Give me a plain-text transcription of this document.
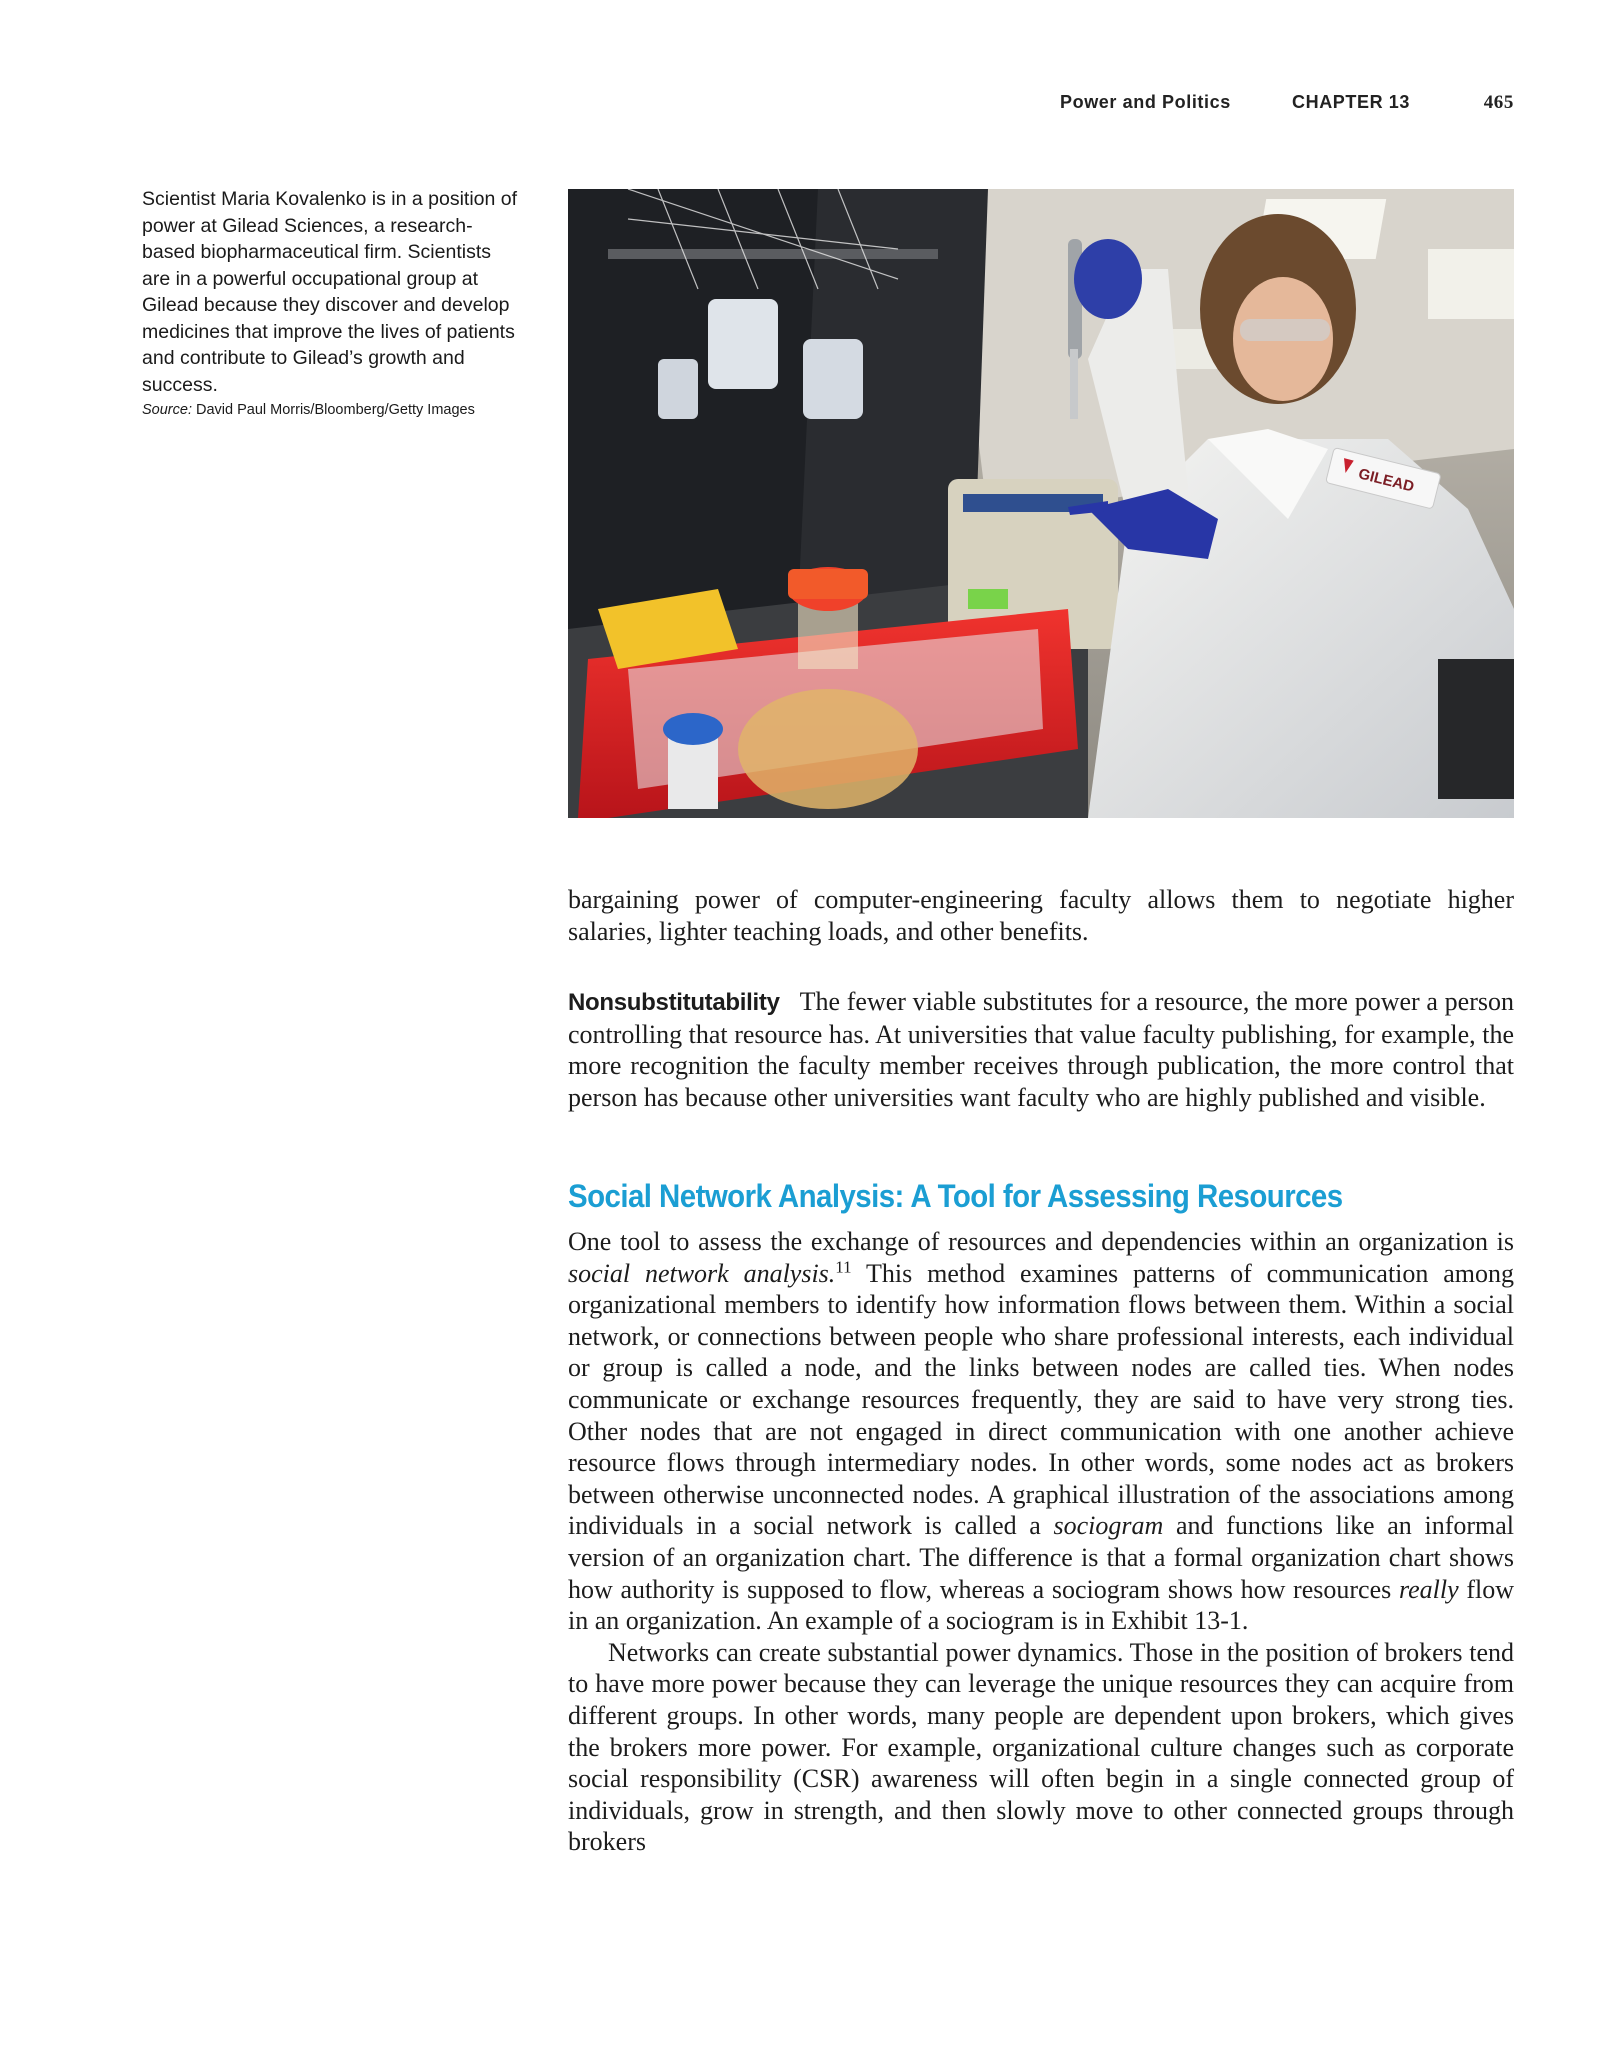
Power and Politics	CHAPTER 13	465

Scientist Maria Kovalenko is in a position of power at Gilead Sciences, a research-based biopharmaceutical firm. Scientists are in a powerful occupational group at Gilead because they discover and develop medicines that improve the lives of patients and contribute to Gilead’s growth and success.

Source: David Paul Morris/Bloomberg/Getty Images
GILEAD

bargaining power of computer-engineering faculty allows them to negotiate higher salaries, lighter teaching loads, and other benefits.

Nonsubstitutability The fewer viable substitutes for a resource, the more power a person controlling that resource has. At universities that value faculty publishing, for example, the more recognition the faculty member receives through publication, the more control that person has because other universities want faculty who are highly published and visible.

Social Network Analysis: A Tool for Assessing Resources

One tool to assess the exchange of resources and dependencies within an organization is social network analysis.$^{11}$ This method examines patterns of communication among organizational members to identify how information flows between them. Within a social network, or connections between people who share professional interests, each individual or group is called a node, and the links between nodes are called ties. When nodes communicate or exchange resources frequently, they are said to have very strong ties. Other nodes that are not engaged in direct communication with one another achieve resource flows through intermediary nodes. In other words, some nodes act as brokers between otherwise unconnected nodes. A graphical illustration of the associations among individuals in a social network is called a sociogram and functions like an informal version of an organization chart. The difference is that a formal organization chart shows how authority is supposed to flow, whereas a sociogram shows how resources really flow in an organization. An example of a sociogram is in Exhibit 13-1.

Networks can create substantial power dynamics. Those in the position of brokers tend to have more power because they can leverage the unique resources they can acquire from different groups. In other words, many people are dependent upon brokers, which gives the brokers more power. For example, organizational culture changes such as corporate social responsibility (CSR) awareness will often begin in a single connected group of individuals, grow in strength, and then slowly move to other connected groups through brokers
